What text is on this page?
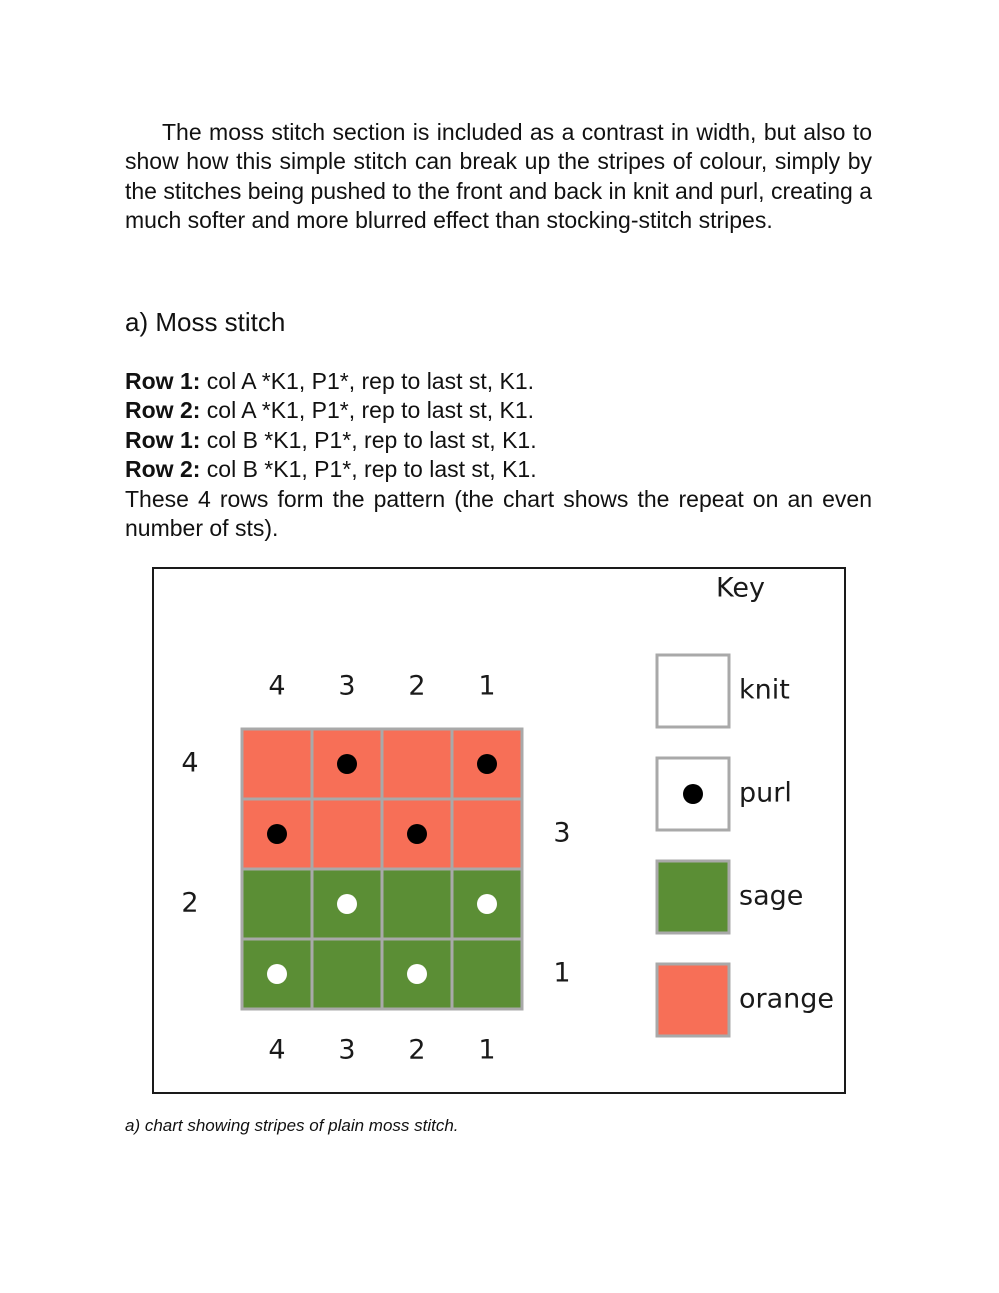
The moss stitch section is included as a contrast in width, but also to show how this simple stitch can break up the stripes of colour, simply by the stitches being pushed to the front and back in knit and purl, creating a much softer and more blurred effect than stocking-stitch stripes.

a) Moss stitch
Row 1: col A *K1, P1*, rep to last st, K1.
Row 2: col A *K1, P1*, rep to last st, K1.
Row 1: col B *K1, P1*, rep to last st, K1.
Row 2: col B *K1, P1*, rep to last st, K1.
These 4 rows form the pattern (the chart shows the repeat on an even number of sts).
4
4
3
3
2
2
1
1
4
2
3
1
Key
knit
purl
sage
orange

a) chart showing stripes of plain moss stitch.
